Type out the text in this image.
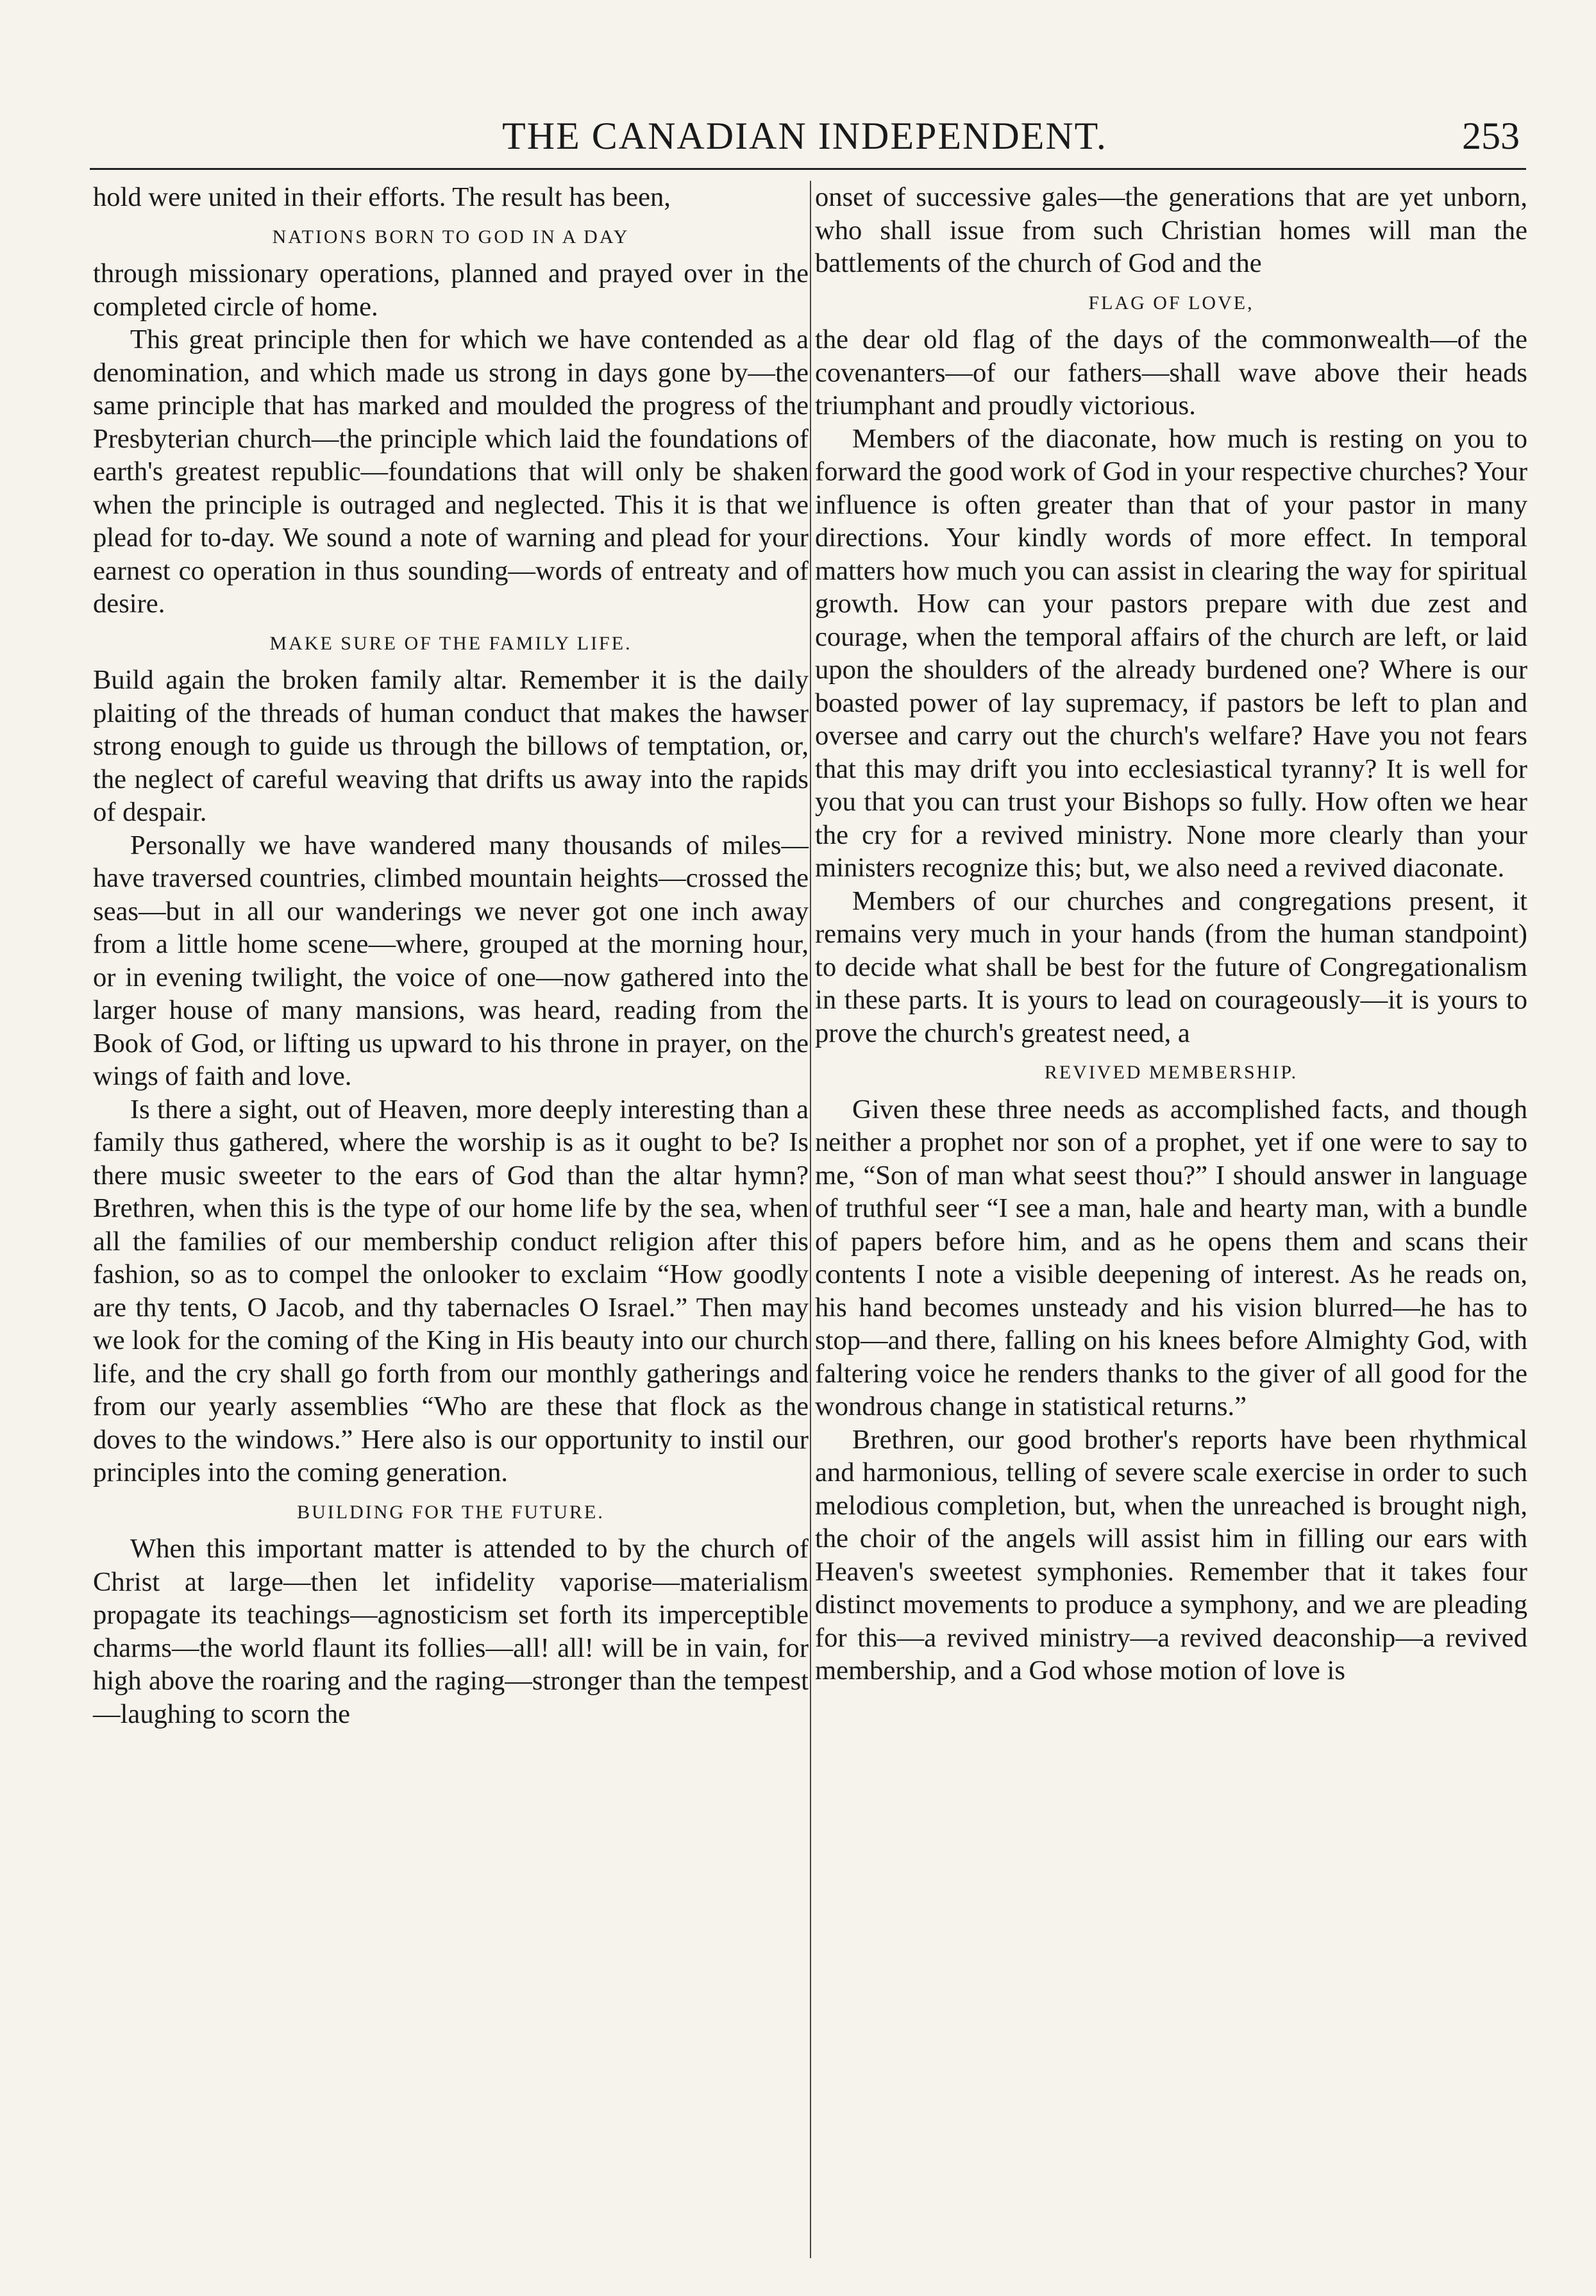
THE CANADIAN INDEPENDENT.	253

hold were united in their efforts. The result has been,

NATIONS BORN TO GOD IN A DAY

through missionary operations, planned and prayed over in the completed circle of home.

This great principle then for which we have contended as a denomination, and which made us strong in days gone by—the same principle that has marked and moulded the progress of the Presbyterian church—the principle which laid the foundations of earth's greatest republic—foundations that will only be shaken when the principle is outraged and neglected. This it is that we plead for to-day. We sound a note of warning and plead for your earnest co operation in thus sounding—words of entreaty and of desire.

MAKE SURE OF THE FAMILY LIFE.

Build again the broken family altar. Remember it is the daily plaiting of the threads of human conduct that makes the hawser strong enough to guide us through the billows of temptation, or, the neglect of careful weaving that drifts us away into the rapids of despair.

Personally we have wandered many thousands of miles—have traversed countries, climbed mountain heights—crossed the seas—but in all our wanderings we never got one inch away from a little home scene—where, grouped at the morning hour, or in evening twilight, the voice of one—now gathered into the larger house of many mansions, was heard, reading from the Book of God, or lifting us upward to his throne in prayer, on the wings of faith and love.

Is there a sight, out of Heaven, more deeply interesting than a family thus gathered, where the worship is as it ought to be? Is there music sweeter to the ears of God than the altar hymn? Brethren, when this is the type of our home life by the sea, when all the families of our membership conduct religion after this fashion, so as to compel the onlooker to exclaim “How goodly are thy tents, O Jacob, and thy tabernacles O Israel.” Then may we look for the coming of the King in His beauty into our church life, and the cry shall go forth from our monthly gatherings and from our yearly assemblies “Who are these that flock as the doves to the windows.” Here also is our opportunity to instil our principles into the coming generation.

BUILDING FOR THE FUTURE.

When this important matter is attended to by the church of Christ at large—then let infidelity vaporise—materialism propagate its teachings—agnosticism set forth its imperceptible charms—the world flaunt its follies—all! all! will be in vain, for high above the roaring and the raging—stronger than the tempest—laughing to scorn the

onset of successive gales—the generations that are yet unborn, who shall issue from such Christian homes will man the battlements of the church of God and the

FLAG OF LOVE,

the dear old flag of the days of the commonwealth—of the covenanters—of our fathers—shall wave above their heads triumphant and proudly victorious.

Members of the diaconate, how much is resting on you to forward the good work of God in your respective churches? Your influence is often greater than that of your pastor in many directions. Your kindly words of more effect. In temporal matters how much you can assist in clearing the way for spiritual growth. How can your pastors prepare with due zest and courage, when the temporal affairs of the church are left, or laid upon the shoulders of the already burdened one? Where is our boasted power of lay supremacy, if pastors be left to plan and oversee and carry out the church's welfare? Have you not fears that this may drift you into ecclesiastical tyranny? It is well for you that you can trust your Bishops so fully. How often we hear the cry for a revived ministry. None more clearly than your ministers recognize this; but, we also need a revived diaconate.

Members of our churches and congregations present, it remains very much in your hands (from the human standpoint) to decide what shall be best for the future of Congregationalism in these parts. It is yours to lead on courageously—it is yours to prove the church's greatest need, a

REVIVED MEMBERSHIP.

Given these three needs as accomplished facts, and though neither a prophet nor son of a prophet, yet if one were to say to me, “Son of man what seest thou?” I should answer in language of truthful seer “I see a man, hale and hearty man, with a bundle of papers before him, and as he opens them and scans their contents I note a visible deepening of interest. As he reads on, his hand becomes unsteady and his vision blurred—he has to stop—and there, falling on his knees before Almighty God, with faltering voice he renders thanks to the giver of all good for the wondrous change in statistical returns.”

Brethren, our good brother's reports have been rhythmical and harmonious, telling of severe scale exercise in order to such melodious completion, but, when the unreached is brought nigh, the choir of the angels will assist him in filling our ears with Heaven's sweetest symphonies. Remember that it takes four distinct movements to produce a symphony, and we are pleading for this—a revived ministry—a revived deaconship—a revived membership, and a God whose motion of love is
